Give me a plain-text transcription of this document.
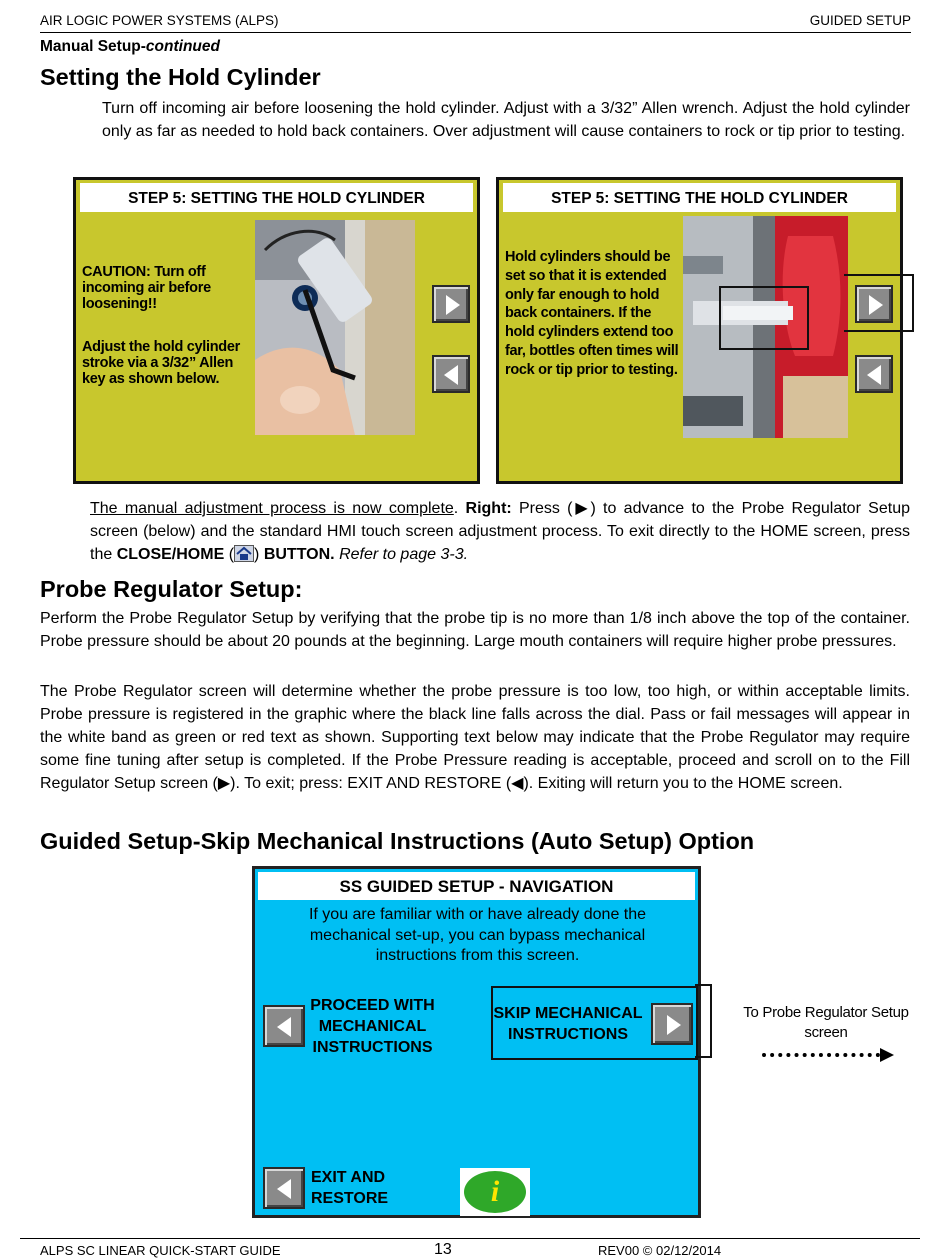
AIR LOGIC POWER SYSTEMS (ALPS)	GUIDED SETUP
Manual Setup-continued
Setting the Hold Cylinder
Turn off incoming air before loosening the hold cylinder. Adjust with a 3/32” Allen wrench. Adjust the hold cylinder only as far as needed to hold back containers. Over adjustment will cause containers to rock or tip prior to testing.
STEP 5: SETTING THE HOLD CYLINDER
CAUTION: Turn off incoming air before loosening!!
Adjust the hold cylinder stroke via a 3/32” Allen key as shown below.
STEP 5: SETTING THE HOLD CYLINDER
Hold cylinders should be set so that it is extended only far enough to hold back containers. If the hold cylinders extend too far, bottles often times will rock or tip prior to testing.
The manual adjustment process is now complete. Right: Press (▶) to advance to the Probe Regulator Setup screen (below) and the standard HMI touch screen adjustment process. To exit directly to the HOME screen, press the CLOSE/HOME ( ) BUTTON. Refer to page 3-3.
Probe Regulator Setup:
Perform the Probe Regulator Setup by verifying that the probe tip is no more than 1/8 inch above the top of the container. Probe pressure should be about 20 pounds at the beginning. Large mouth containers will require higher probe pressures.
The Probe Regulator screen will determine whether the probe pressure is too low, too high, or within acceptable limits. Probe pressure is registered in the graphic where the black line falls across the dial. Pass or fail messages will appear in the white band as green or red text as shown. Supporting text below may indicate that the Probe Regulator may require some fine tuning after setup is completed. If the Probe Pressure reading is acceptable, proceed and scroll on to the Fill Regulator Setup screen (▶). To exit; press: EXIT AND RESTORE (◀). Exiting will return you to the HOME screen.
Guided Setup-Skip Mechanical Instructions (Auto Setup) Option
SS GUIDED SETUP - NAVIGATION
If you are familiar with or have already done the mechanical set-up, you can bypass mechanical instructions from this screen.
PROCEED WITH MECHANICAL INSTRUCTIONS
SKIP MECHANICAL INSTRUCTIONS
EXIT AND RESTORE	i
To Probe Regulator Setup screen
ALPS SC LINEAR QUICK-START GUIDE	13	REV00 © 02/12/2014
